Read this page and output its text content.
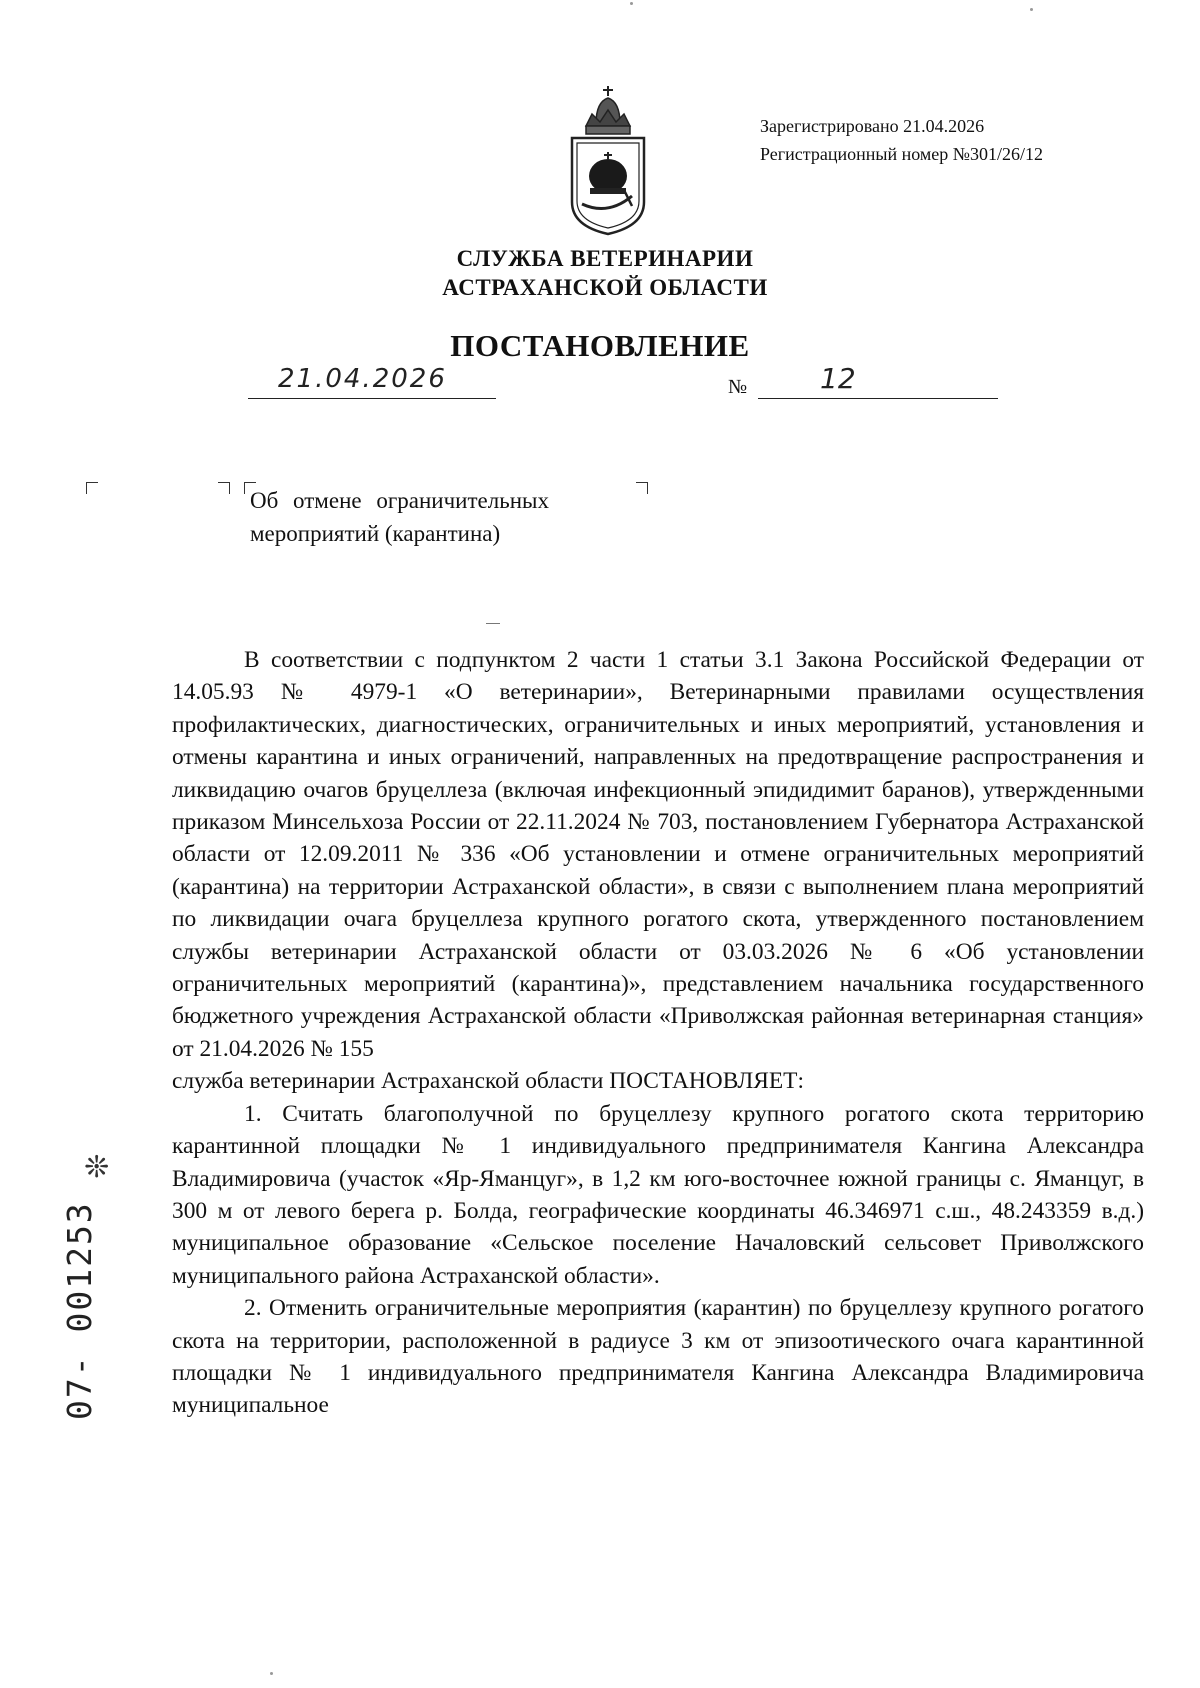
Зарегистрировано 21.04.2026
Регистрационный номер №301/26/12
СЛУЖБА ВЕТЕРИНАРИИ
АСТРАХАНСКОЙ ОБЛАСТИ
ПОСТАНОВЛЕНИЕ
21.04.2026	№	12
Об отмене ограничительных
мероприятий (карантина)

В соответствии с подпунктом 2 части 1 статьи 3.1 Закона Российской Федерации от 14.05.93 № 4979-1 «О ветеринарии», Ветеринарными правилами осуществления профилактических, диагностических, ограничительных и иных мероприятий, установления и отмены карантина и иных ограничений, направленных на предотвращение распространения и ликвидацию очагов бруцеллеза (включая инфекционный эпидидимит баранов), утвержденными приказом Минсельхоза России от 22.11.2024 № 703, постановлением Губернатора Астраханской области от 12.09.2011 № 336 «Об установлении и отмене ограничительных мероприятий (карантина) на территории Астраханской области», в связи с выполнением плана мероприятий по ликвидации очага бруцеллеза крупного рогатого скота, утвержденного постановлением службы ветеринарии Астраханской области от 03.03.2026 № 6 «Об установлении ограничительных мероприятий (карантина)», представлением начальника государственного бюджетного учреждения Астраханской области «Приволжская районная ветеринарная станция» от 21.04.2026 № 155

служба ветеринарии Астраханской области ПОСТАНОВЛЯЕТ:

1. Считать благополучной по бруцеллезу крупного рогатого скота территорию карантинной площадки № 1 индивидуального предпринимателя Кангина Александра Владимировича (участок «Яр-Яманцуг», в 1,2 км юго-восточнее южной границы с. Яманцуг, в 300 м от левого берега р. Болда, географические координаты 46.346971 с.ш., 48.243359 в.д.) муниципальное образование «Сельское поселение Началовский сельсовет Приволжского муниципального района Астраханской области».

2. Отменить ограничительные мероприятия (карантин) по бруцеллезу крупного рогатого скота на территории, расположенной в радиусе 3 км от эпизоотического очага карантинной площадки № 1 индивидуального предпринимателя Кангина Александра Владимировича муниципальное

❊
07- 001253
